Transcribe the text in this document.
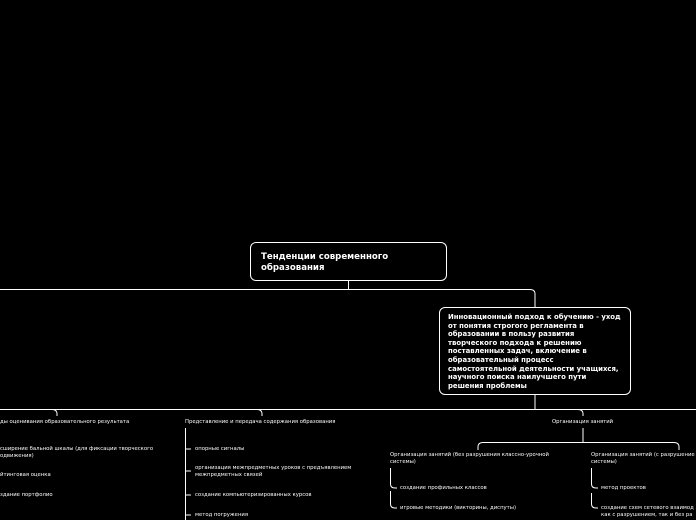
Тенденции современного образования
Инновационный подход к обучению - уход от понятия строгого регламента в образовании в пользу развития творческого подхода к решению поставленных задач, включение в образовательный процесс самостоятельной деятельности учащихся, научного поиска наилучшего пути решения проблемы
ды оценивания образовательного результата
сширение бальной шкалы (для фиксации творческого
одвижения)
йтинговая оценка
здание портфолио
Представление и передача содержания образования
опорные сигналы
организация межпредметных уроков с предъявлением
межпредметных связей
создание компьютеризированных курсов
метод погружения
Организация занятий
Организация занятий (без разрушения классно-урочной
системы)
создание профильных классов
игровые методики (викторины, диспуты)
Организация занятий (с разрушение
системы)
метод проектов
создание схем сетевого взаимод
как с разрушением, так и без ра
